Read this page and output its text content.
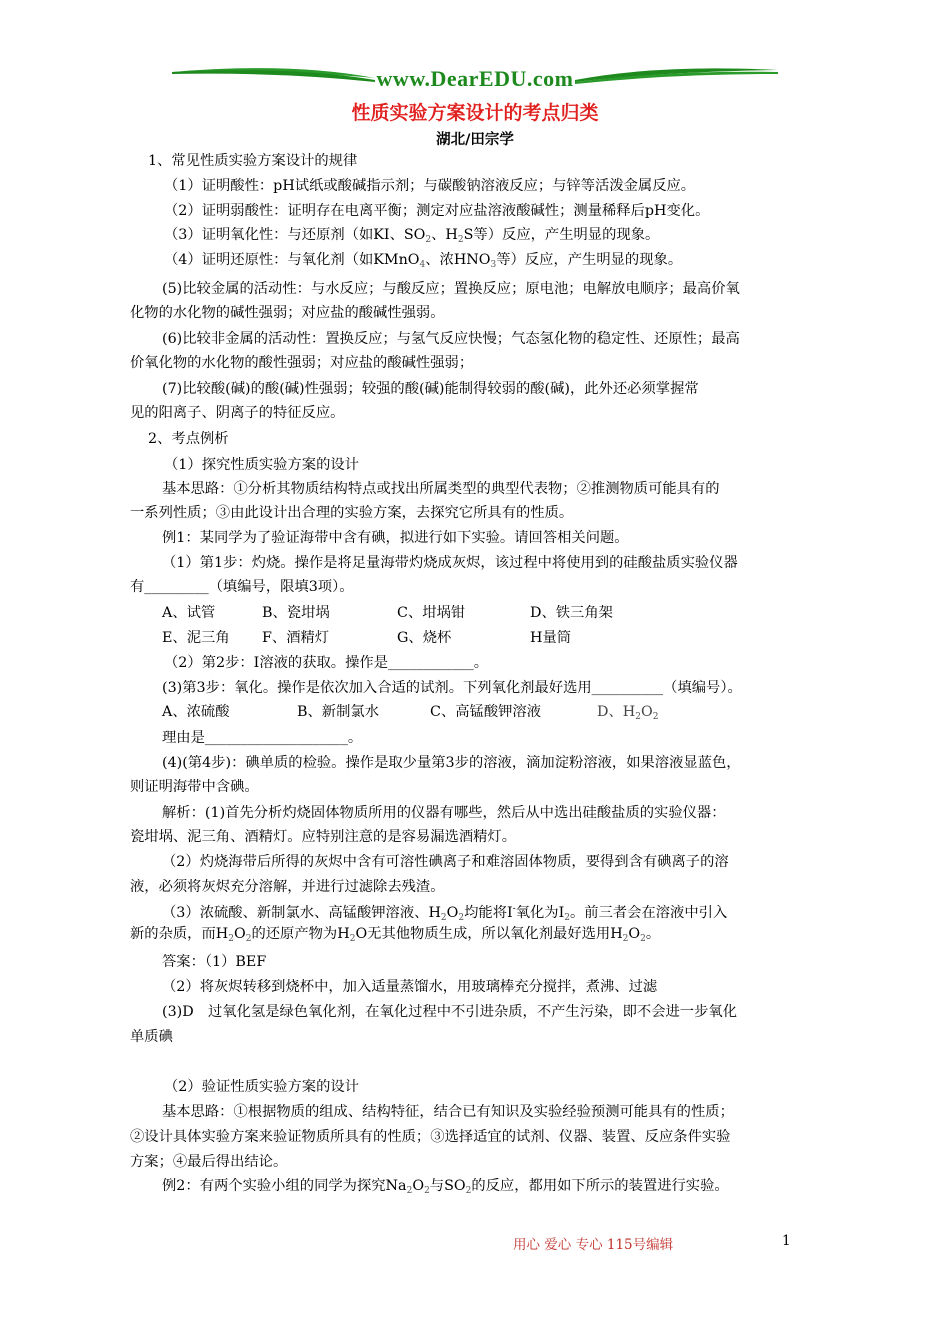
www.DearEDU.com
性质实验方案设计的考点归类
湖北/田宗学
1、常见性质实验方案设计的规律
（1）证明酸性：pH试纸或酸碱指示剂；与碳酸钠溶液反应；与锌等活泼金属反应。
（2）证明弱酸性：证明存在电离平衡；测定对应盐溶液酸碱性；测量稀释后pH变化。
（3）证明氧化性：与还原剂（如KI、$SO_2$、$H_2S$等）反应，产生明显的现象。
（4）证明还原性：与氧化剂（如KMnO$_4$、浓$HNO_3$等）反应，产生明显的现象。
(5)比较金属的活动性：与水反应；与酸反应；置换反应；原电池；电解放电顺序；最高价氧
化物的水化物的碱性强弱；对应盐的酸碱性强弱。
(6)比较非金属的活动性：置换反应；与氢气反应快慢；气态氢化物的稳定性、还原性；最高
价氧化物的水化物的酸性强弱；对应盐的酸碱性强弱；
(7)比较酸(碱)的酸(碱)性强弱；较强的酸(碱)能制得较弱的酸(碱)，此外还必须掌握常
见的阳离子、阴离子的特征反应。
2、考点例析
（1）探究性质实验方案的设计
基本思路：①分析其物质结构特点或找出所属类型的典型代表物；②推测物质可能具有的
一系列性质；③由此设计出合理的实验方案，去探究它所具有的性质。
例1：某同学为了验证海带中含有碘，拟进行如下实验。请回答相关问题。
（1）第1步：灼烧。操作是将足量海带灼烧成灰烬，该过程中将使用到的硅酸盐质实验仪器
有_________（填编号，限填3项）。
A、试管	B、瓷坩埚	C、坩埚钳	D、铁三角架
E、泥三角 F、酒精灯	G、烧杯	H量筒
（2）第2步：I溶液的获取。操作是____________。
(3)第3步：氧化。操作是依次加入合适的试剂。下列氧化剂最好选用__________（填编号）。
A、浓硫酸	B、新制氯水	C、高锰酸钾溶液	D、$H_2O_2$
理由是____________________。
(4)(第4步)：碘单质的检验。操作是取少量第3步的溶液，滴加淀粉溶液，如果溶液显蓝色，
则证明海带中含碘。
解析：(1)首先分析灼烧固体物质所用的仪器有哪些，然后从中选出硅酸盐质的实验仪器：
瓷坩埚、泥三角、酒精灯。应特别注意的是容易漏选酒精灯。
（2）灼烧海带后所得的灰烬中含有可溶性碘离子和难溶固体物质，要得到含有碘离子的溶
液，必须将灰烬充分溶解，并进行过滤除去残渣。
（3）浓硫酸、新制氯水、高锰酸钾溶液、$H_2O_2$均能将I-氧化为$I_2$。前三者会在溶液中引入
新的杂质，而$H_2O_2$的还原产物为$H_2O$无其他物质生成，所以氧化剂最好选用$H_2O_2$。
答案：（1）BEF
（2）将灰烬转移到烧杯中，加入适量蒸馏水，用玻璃棒充分搅拌，煮沸、过滤
(3)D　过氧化氢是绿色氧化剂，在氧化过程中不引进杂质，不产生污染，即不会进一步氧化
单质碘
（2）验证性质实验方案的设计
基本思路：①根据物质的组成、结构特征，结合已有知识及实验经验预测可能具有的性质；
②设计具体实验方案来验证物质所具有的性质；③选择适宜的试剂、仪器、装置、反应条件实验
方案；④最后得出结论。
例2：有两个实验小组的同学为探究$Na_2O_2$与$SO_2$的反应，都用如下所示的装置进行实验。
用心 爱心 专心 115号编辑	1
